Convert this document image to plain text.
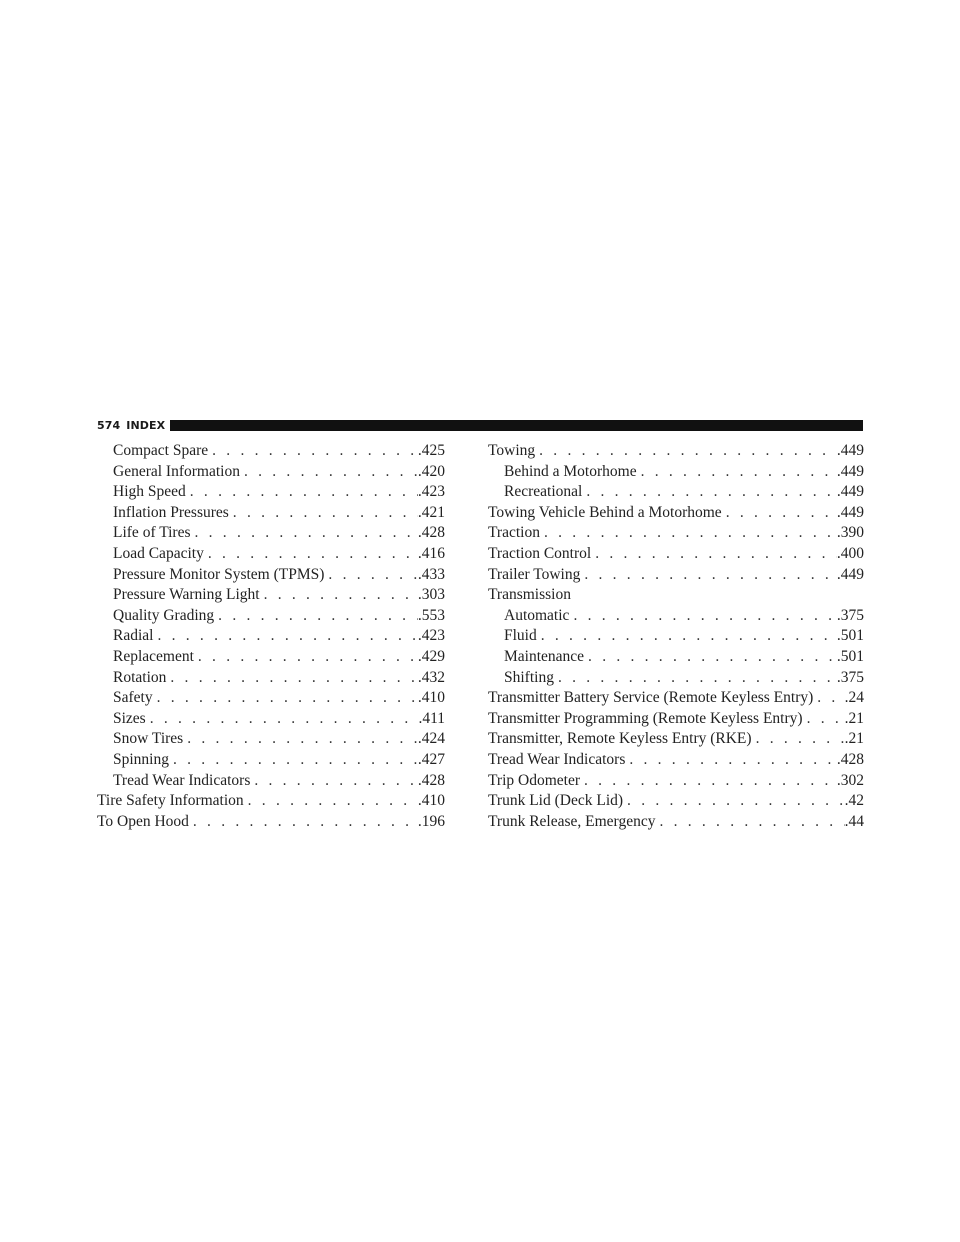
574 INDEX
Compact Spare . . .	.425
General Information . . .	.420
High Speed . . .	.423
Inflation Pressures . . .	.421
Life of Tires . . .	.428
Load Capacity . . .	.416
Pressure Monitor System (TPMS) . . .	.433
Pressure Warning Light . . .	.303
Quality Grading . . .	.553
Radial . . .	.423
Replacement . . .	.429
Rotation . . .	.432
Safety . . .	.410
Sizes . . .	.411
Snow Tires . . .	.424
Spinning . . .	.427
Tread Wear Indicators . . .	.428
Tire Safety Information . . .	.410
To Open Hood . . .	.196
Towing . . .	.449
Behind a Motorhome . . .	.449
Recreational . . .	.449
Towing Vehicle Behind a Motorhome . . .	.449
Traction . . .	.390
Traction Control . . .	.400
Trailer Towing . . .	.449
Transmission
Automatic . . .	.375
Fluid . . .	.501
Maintenance . . .	.501
Shifting . . .	.375
Transmitter Battery Service (Remote Keyless Entry) . . . .24
Transmitter Programming (Remote Keyless Entry) . . .	.21
Transmitter, Remote Keyless Entry (RKE) . . .	.21
Tread Wear Indicators . . .	.428
Trip Odometer . . .	.302
Trunk Lid (Deck Lid) . . .	.42
Trunk Release, Emergency . . .	.44
